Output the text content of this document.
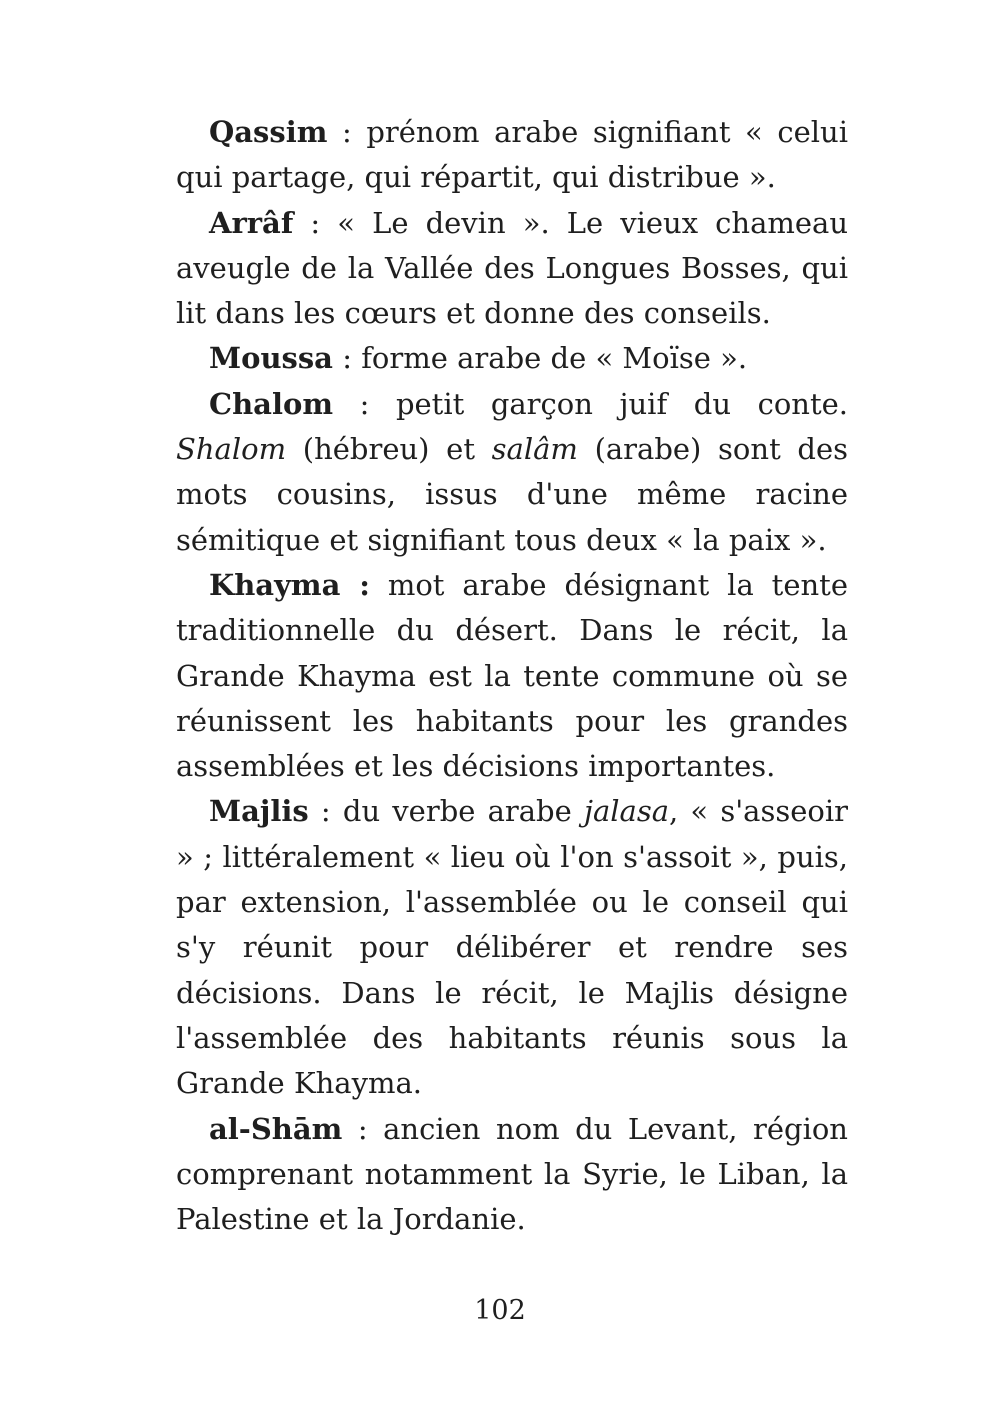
Qassim : prénom arabe signifiant « celui qui partage, qui répartit, qui distribue ».

Arrâf : « Le devin ». Le vieux chameau aveugle de la Vallée des Longues Bosses, qui lit dans les cœurs et donne des conseils.

Moussa : forme arabe de « Moïse ».

Chalom : petit garçon juif du conte. Shalom (hébreu) et salâm (arabe) sont des mots cousins, issus d'une même racine sémitique et signifiant tous deux « la paix ».

Khayma : mot arabe désignant la tente traditionnelle du désert. Dans le récit, la Grande Khayma est la tente commune où se réunissent les habitants pour les grandes assemblées et les décisions importantes.

Majlis : du verbe arabe jalasa, « s'asseoir » ; littéralement « lieu où l'on s'assoit », puis, par extension, l'assemblée ou le conseil qui s'y réunit pour délibérer et rendre ses décisions. Dans le récit, le Majlis désigne l'assemblée des habitants réunis sous la Grande Khayma.

al-Shām : ancien nom du Levant, région comprenant notamment la Syrie, le Liban, la Palestine et la Jordanie.

102
